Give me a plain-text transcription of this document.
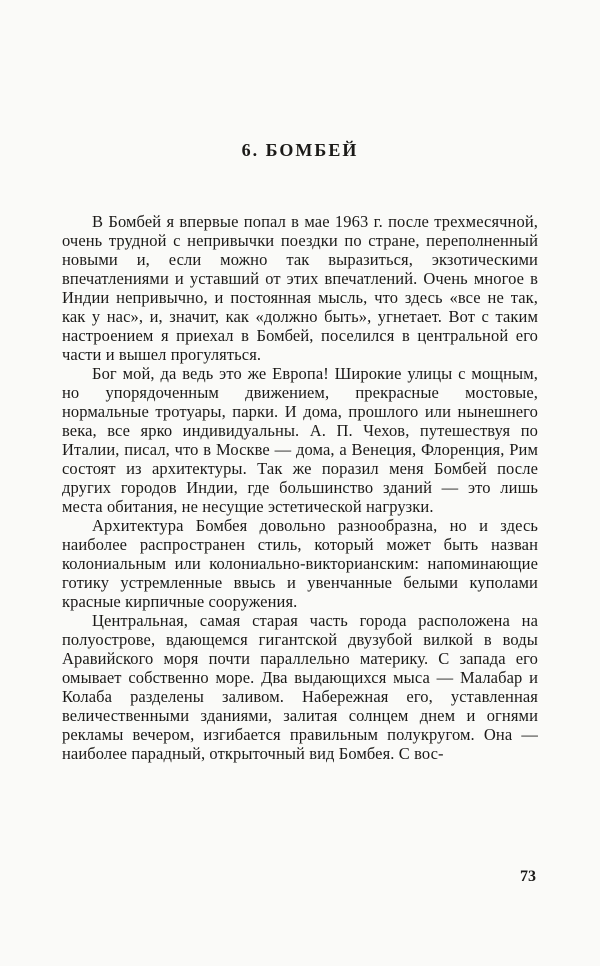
6. БОМБЕЙ

В Бомбей я впервые попал в мае 1963 г. после трехмесячной, очень трудной с непривычки поездки по стране, переполненный новыми и, если можно так выразиться, экзотическими впечатлениями и уставший от этих впечатлений. Очень многое в Индии непривычно, и постоянная мысль, что здесь «все не так, как у нас», и, значит, как «должно быть», угнетает. Вот с таким настроением я приехал в Бомбей, поселился в центральной его части и вышел прогуляться.

Бог мой, да ведь это же Европа! Широкие улицы с мощным, но упорядоченным движением, прекрасные мостовые, нормальные тротуары, парки. И дома, прошлого или нынешнего века, все ярко индивидуальны. А. П. Чехов, путешествуя по Италии, писал, что в Москве — дома, а Венеция, Флоренция, Рим состоят из архитектуры. Так же поразил меня Бомбей после других городов Индии, где большинство зданий — это лишь места обитания, не несущие эстетической нагрузки.

Архитектура Бомбея довольно разнообразна, но и здесь наиболее распространен стиль, который может быть назван колониальным или колониально-викторианским: напоминающие готику устремленные ввысь и увенчанные белыми куполами красные кирпичные сооружения.

Центральная, самая старая часть города расположена на полуострове, вдающемся гигантской двузубой вилкой в воды Аравийского моря почти параллельно материку. С запада его омывает собственно море. Два выдающихся мыса — Малабар и Колаба разделены заливом. Набережная его, уставленная величественными зданиями, залитая солнцем днем и огнями рекламы вечером, изгибается правильным полукругом. Она — наиболее парадный, открыточный вид Бомбея. С вос-

73
